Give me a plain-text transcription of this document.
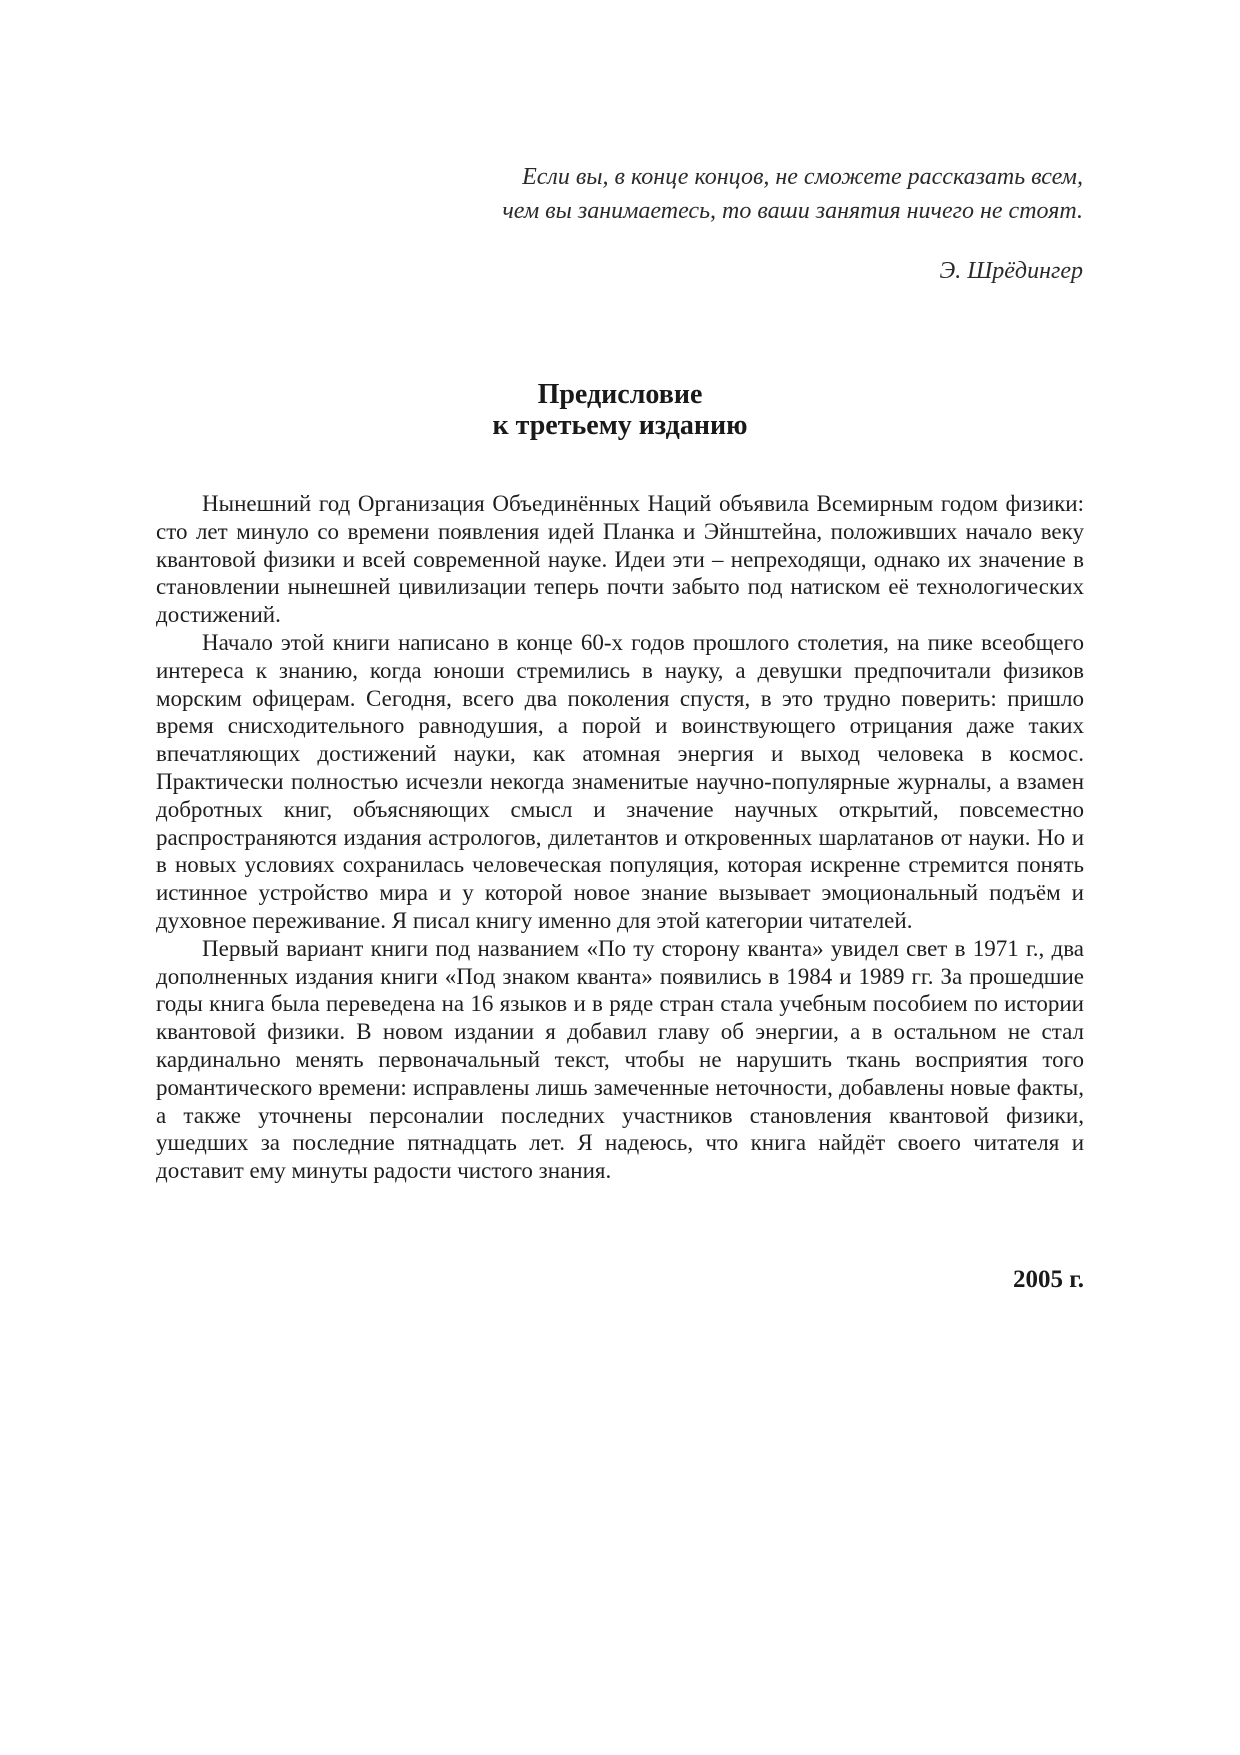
Если вы, в конце концов, не сможете рассказать всем,
чем вы занимаетесь, то ваши занятия ничего не стоят.
Э. Шрёдингер
Предисловие
к третьему изданию

Нынешний год Организация Объединённых Наций объявила Всемирным годом физики: сто лет минуло со времени появления идей Планка и Эйнштейна, положивших начало веку квантовой физики и всей современной науке. Идеи эти – непреходящи, однако их значение в становлении нынешней цивилизации теперь почти забыто под натиском её технологических достижений.

Начало этой книги написано в конце 60-х годов прошлого столетия, на пике всеобщего интереса к знанию, когда юноши стремились в науку, а девушки предпочитали физиков морским офицерам. Сегодня, всего два поколения спустя, в это трудно поверить: пришло время снисходительного равнодушия, а порой и воинствующего отрицания даже таких впечатляющих достижений науки, как атомная энергия и выход человека в космос. Практически полностью исчезли некогда знаменитые научно-популярные журналы, а взамен добротных книг, объясняющих смысл и значение научных открытий, повсеместно распространяются издания астрологов, дилетантов и откровенных шарлатанов от науки. Но и в новых условиях сохранилась человеческая популяция, которая искренне стремится понять истинное устройство мира и у которой новое знание вызывает эмоциональный подъём и духовное переживание. Я писал книгу именно для этой категории читателей.

Первый вариант книги под названием «По ту сторону кванта» увидел свет в 1971 г., два дополненных издания книги «Под знаком кванта» появились в 1984 и 1989 гг. За прошедшие годы книга была переведена на 16 языков и в ряде стран стала учебным пособием по истории квантовой физики. В новом издании я добавил главу об энергии, а в остальном не стал кардинально менять первоначальный текст, чтобы не нарушить ткань восприятия того романтического времени: исправлены лишь замеченные неточности, добавлены новые факты, а также уточнены персоналии последних участников становления квантовой физики, ушедших за последние пятнадцать лет. Я надеюсь, что книга найдёт своего читателя и доставит ему минуты радости чистого знания.

2005 г.
